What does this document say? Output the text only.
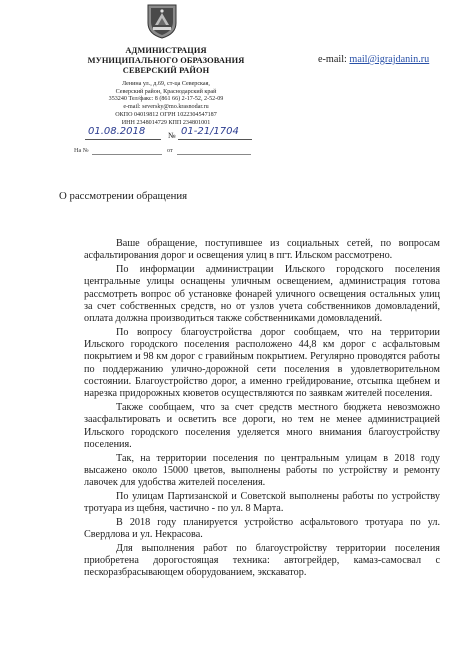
АДМИНИСТРАЦИЯ
МУНИЦИПАЛЬНОГО ОБРАЗОВАНИЯ
СЕВЕРСКИЙ РАЙОН
Ленина ул., д.69, ст-ца Северская,
Северский район, Краснодарский край
353240 Тел/факс: 8 (861 66) 2-17-52, 2-52-09
e-mail: seversky@mo.krasnodar.ru
ОКПО 04019812 ОГРН 1022304547187
ИНН 2348014729 КПП 234801001
e-mail: mail@igrajdanin.ru
01.08.2018	№ 01-21/1704
На №	от
О рассмотрении обращения

Ваше обращение, поступившее из социальных сетей, по вопросам асфальтирования дорог и освещения улиц в пгт. Ильском рассмотрено.

По информации администрации Ильского городского поселения центральные улицы оснащены уличным освещением, администрация готова рассмотреть вопрос об установке фонарей уличного освещения остальных улиц за счет собственных средств, но от узлов учета собственников домовладений, оплата должна производиться также собственниками домовладений.

По вопросу благоустройства дорог сообщаем, что на территории Ильского городского поселения расположено 44,8 км дорог с асфальтовым покрытием и 98 км дорог с гравийным покрытием. Регулярно проводятся работы по поддержанию улично-дорожной сети поселения в удовлетворительном состоянии. Благоустройство дорог, а именно грейдирование, отсыпка щебнем и нарезка придорожных кюветов осуществляются по заявкам жителей поселения.

Также сообщаем, что за счет средств местного бюджета невозможно заасфальтировать и осветить все дороги, но тем не менее администрацией Ильского городского поселения уделяется много внимания благоустройству поселения.

Так, на территории поселения по центральным улицам в 2018 году высажено около 15000 цветов, выполнены работы по устройству и ремонту лавочек для удобства жителей поселения.

По улицам Партизанской и Советской выполнены работы по устройству тротуара из щебня, частично - по ул. 8 Марта.

В 2018 году планируется устройство асфальтового тротуара по ул. Свердлова и ул. Некрасова.

Для выполнения работ по благоустройству территории поселения приобретена дорогостоящая техника: автогрейдер, камаз-самосвал с пескоразбрасывающем оборудованием, экскаватор.
